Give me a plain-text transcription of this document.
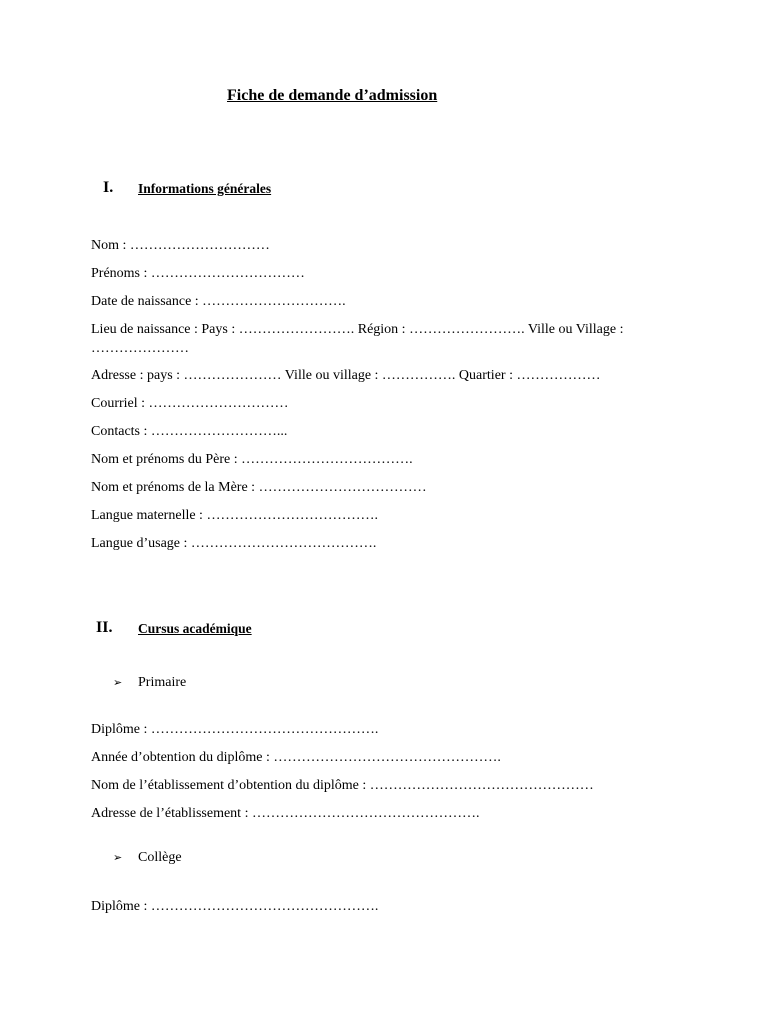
Fiche de demande d’admission
I. Informations générales
Nom : …………………………
Prénoms : ……………………………
Date de naissance : ………………………….
Lieu de naissance : Pays : ……………………. Région : ……………………. Ville ou Village : …………………
Adresse : pays : ………………… Ville ou village : ……………. Quartier : ………………
Courriel : …………………………
Contacts : ………………………...
Nom et prénoms du Père : ……………………………….
Nom et prénoms de la Mère : ………………………………
Langue maternelle : ……………………………….
Langue d’usage : ………………………………….
II. Cursus académique
➢ Primaire
Diplôme : ………………………………………….
Année d’obtention du diplôme : ………………………………………….
Nom de l’établissement d’obtention du diplôme : …………………………………………
Adresse de l’établissement : ………………………………………….
➢ Collège
Diplôme : ………………………………………….
